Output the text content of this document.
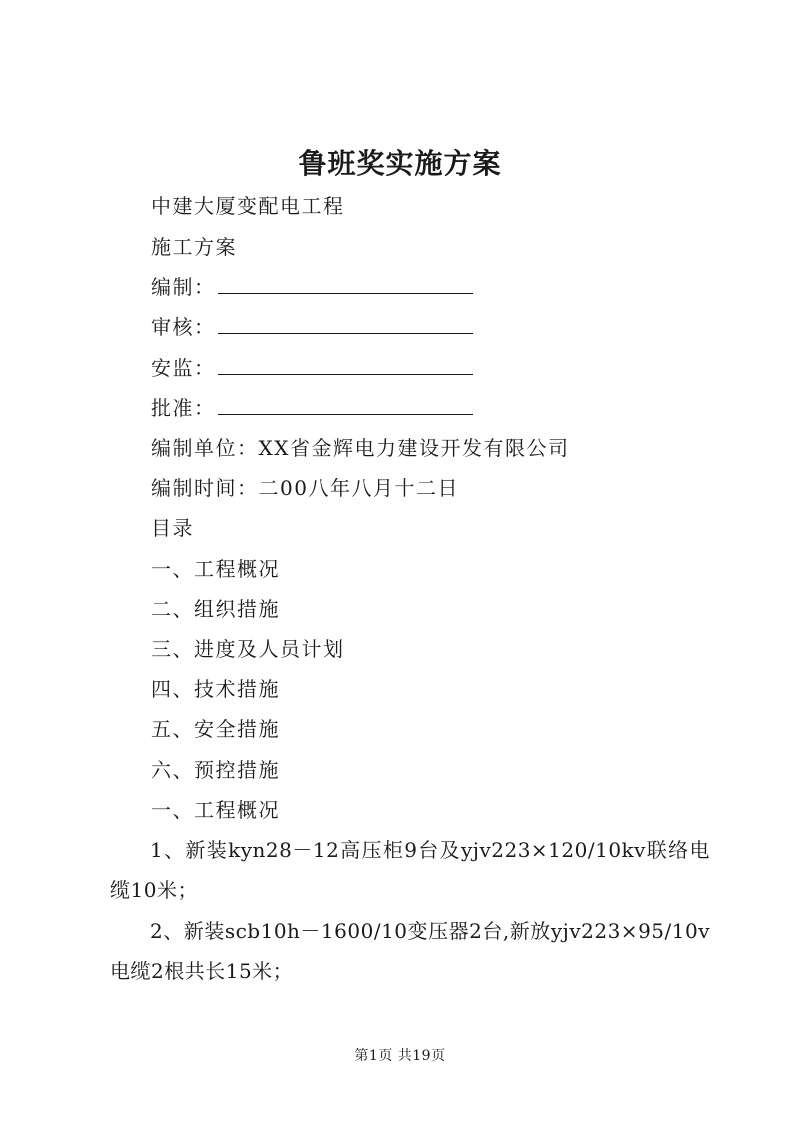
鲁班奖实施方案
中建大厦变配电工程
施工方案
编制：
审核：
安监：
批准：
编制单位：XX省金辉电力建设开发有限公司
编制时间：二00八年八月十二日
目录
一、工程概况
二、组织措施
三、进度及人员计划
四、技术措施
五、安全措施
六、预控措施
一、工程概况
1、新装kyn28－12高压柜9台及yjv223×120/10kv联络电缆10米；
2、新装scb10h－1600/10变压器2台,新放yjv223×95/10v电缆2根共长15米；
第1页 共19页
